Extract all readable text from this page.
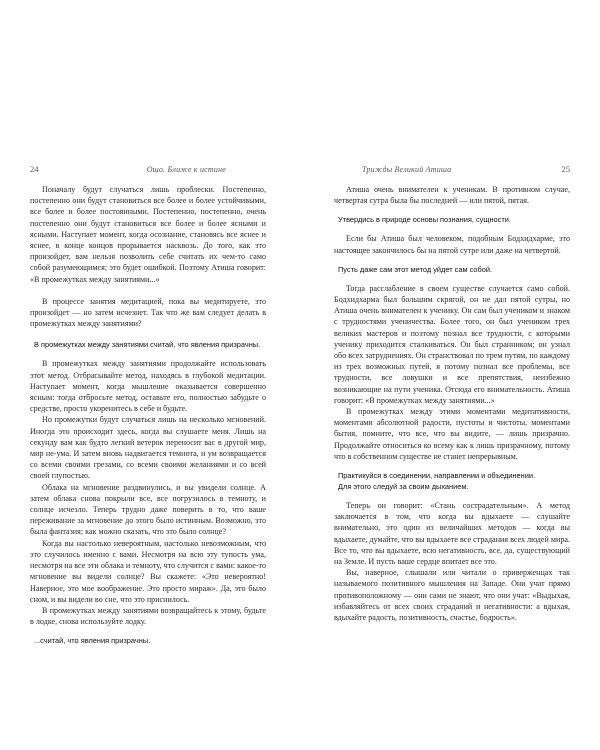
24	Ошо. Ближе к истине

Поначалу будут случаться лишь проблески. Постепенно, постепенно они будут становиться все более и более устойчивыми, все более и более постоянными. Постепенно, постепенно, очень постепенно они будут становиться все более и более ясными и ясными. Наступает момент, когда осознание, становясь все яснее и яснее, в конце концов прорывается насквозь. До того, как это произойдет, вам нельзя позволить себе считать их чем-то само собой разумеющимся; это будет ошибкой. Поэтому Атиша говорит: «В промежутках между занятиями...»

В процессе занятия медитацией, пока вы медитируете, это произойдет — но затем исчезнет. Так что же вам следует делать в промежутках между занятиями?

В промежутках между занятиями считай, что явления призрачны.

В промежутках между занятиями продолжайте использовать этот метод. Отбрасывайте метод, находясь в глубокой медитации. Наступает момент, когда мышление оказывается совершенно ясным: тогда отбросьте метод, оставьте его, полностью забудьте о средстве, просто укоренитесь в себе и будьте.

Но промежутки будут случаться лишь на несколько мгновений. Иногда это происходит здесь, когда вы слушаете меня. Лишь на секунду вам как будто легкий ветерок переносит вас в другой мир, мир не-ума. И затем вновь надвигается темнота, и ум возвращается со всеми своими грезами, со всеми своими желаниями и со всей своей глупостью.

Облака на мгновение раздвинулись, и вы увидели солнце. А затем облака снова покрыли все, все погрузилось в темноту, и солнце исчезло. Теперь трудно даже поверить в то, что ваше переживание за мгновение до этого было истинным. Возможно, это была фантазия; как можно сказать, что это было солнце?

Когда вы настолько невероятным, настолько невозможным, что это случилось именно с вами. Несмотря на всю эту тупость ума, несмотря на все эти облака и темноту, что случится с вами: какое-то мгновение вы видели солнце? Вы скажете: «Это невероятно! Наверное, это мое воображение. Это просто мираж». Да, это было сном, и вы видели во сне, что это приснилось.

В промежутках между занятиями возвращайтесь к этому, будьте в лодке, снова используйте лодку.

...считай, что явления призрачны.
Трижды Великий Атиша	25

Атиша очень внимателен к ученикам. В противном случае, четвертая сутра была бы последней — или пятой, пятая.

Утвердись в природе основы познания, сущности.

Если бы Атиша был человеком, подобным Бодхидхарме, это настоящее закончилось бы на пятой сутре или даже на четвертой.

Пусть даже сам этот метод уйдет сам собой.

Тогда расслабление в своем существе случается само собой. Бодхидхарма был большим скрягой, он не дал пятой сутры, но Атиша очень внимателен к ученику. Он сам был учеником и знаком с трудностями ученичества. Более того, он был учеником трех великих мастеров и поэтому познал все трудности, с которыми ученику приходится сталкиваться. Он был странником; он узнал обо всех затруднениях. Он странствовал по трем путям, по каждому из трех возможных путей, я потому познал все проблемы, все трудности, все ловушки и все препятствия, неизбежно возникающие на пути ученика. Отсюда его внимательность. Атиша говорит: «В промежутках между занятиями...»

В промежутках между этими моментами медитативности, моментами абсолютной радости, пустоты и чистоты, моментами бытия, помните, что все, что вы видите, — лишь призрачно. Продолжайте относиться ко всему как к лишь призрачному, потому что в собственном существе не станет непрерывным.

Практикуйся в соединении, направлении и объединении.
Для этого следуй за своим дыханием.

Теперь он говорит: «Стань сострадательным». А метод заключается в том, что когда вы вдыхаете — слушайте внимательно, это один из величайших методов — когда вы вдыхаете, думайте, что вы вдыхаете все страдания всех людей мира. Все то, что вы вдыхаете, всю негативность, все, да, существующий на Земле. И пусть ваше сердце впитает все это.

Вы, наверное, слышали или читали о приверженцах так называемого позитивного мышления на Западе. Они учат прямо противоположному — они сами не знают, что они учат: «Выдыхая, избавляйтесь от всех своих страданий и негативности: а вдыхая, вдыхайте радость, позитивность, счастье, бодрость».
